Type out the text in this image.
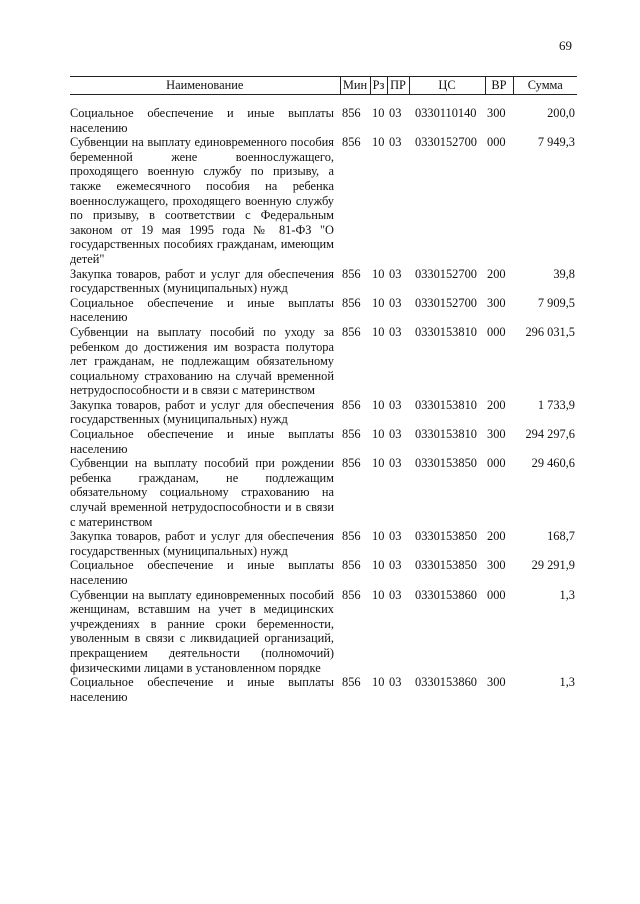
69
Наименование	Мин	Рз	ПР	ЦС	ВР	Сумма
Социальное обеспечение и иные выплаты населению	856	10	03	0330110140	300	200,0
Субвенции на выплату единовременного пособия беременной жене военнослужащего, проходящего военную службу по призыву, а также ежемесячного пособия на ребенка военнослужащего, проходящего военную службу по призыву, в соответствии с Федеральным законом от 19 мая 1995 года № 81-ФЗ "О государственных пособиях гражданам, имеющим детей"	856	10	03	0330152700	000	7 949,3
Закупка товаров, работ и услуг для обеспечения государственных (муниципальных) нужд	856	10	03	0330152700	200	39,8
Социальное обеспечение и иные выплаты населению	856	10	03	0330152700	300	7 909,5
Субвенции на выплату пособий по уходу за ребенком до достижения им возраста полутора лет гражданам, не подлежащим обязательному социальному страхованию на случай временной нетрудоспособности и в связи с материнством	856	10	03	0330153810	000	296 031,5
Закупка товаров, работ и услуг для обеспечения государственных (муниципальных) нужд	856	10	03	0330153810	200	1 733,9
Социальное обеспечение и иные выплаты населению	856	10	03	0330153810	300	294 297,6
Субвенции на выплату пособий при рождении ребенка гражданам, не подлежащим обязательному социальному страхованию на случай временной нетрудоспособности и в связи с материнством	856	10	03	0330153850	000	29 460,6
Закупка товаров, работ и услуг для обеспечения государственных (муниципальных) нужд	856	10	03	0330153850	200	168,7
Социальное обеспечение и иные выплаты населению	856	10	03	0330153850	300	29 291,9
Субвенции на выплату единовременных пособий женщинам, вставшим на учет в медицинских учреждениях в ранние сроки беременности, уволенным в связи с ликвидацией организаций, прекращением деятельности (полномочий) физическими лицами в установленном порядке	856	10	03	0330153860	000	1,3
Социальное обеспечение и иные выплаты населению	856	10	03	0330153860	300	1,3
